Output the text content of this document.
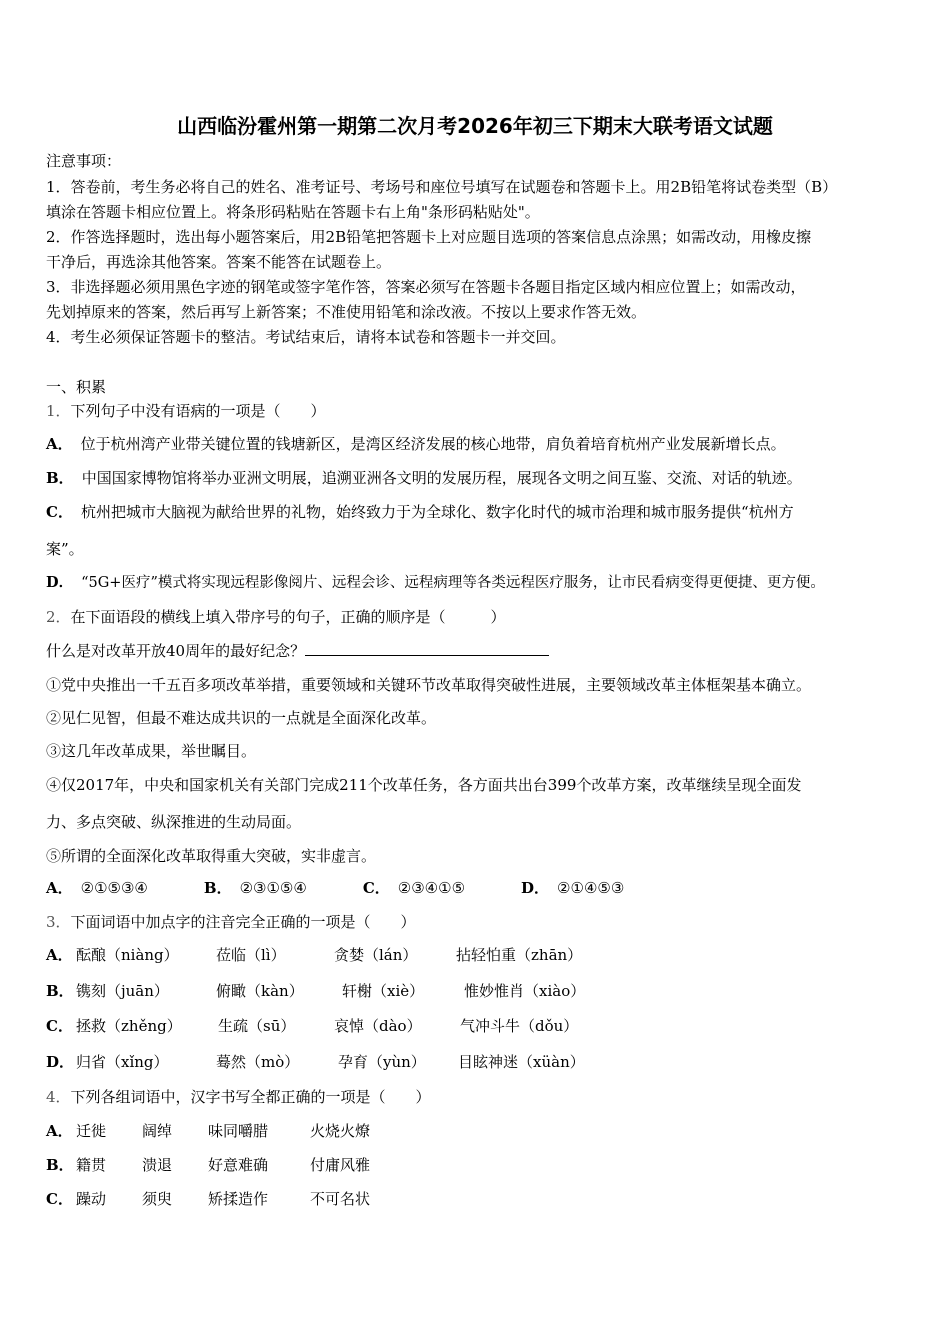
山西临汾霍州第一期第二次月考2026年初三下期末大联考语文试题
注意事项：
1．答卷前，考生务必将自己的姓名、准考证号、考场号和座位号填写在试题卷和答题卡上。用2B铅笔将试卷类型（B）
填涂在答题卡相应位置上。将条形码粘贴在答题卡右上角"条形码粘贴处"。
2．作答选择题时，选出每小题答案后，用2B铅笔把答题卡上对应题目选项的答案信息点涂黑；如需改动，用橡皮擦
干净后，再选涂其他答案。答案不能答在试题卷上。
3．非选择题必须用黑色字迹的钢笔或签字笔作答，答案必须写在答题卡各题目指定区域内相应位置上；如需改动，
先划掉原来的答案，然后再写上新答案；不准使用铅笔和涂改液。不按以上要求作答无效。
4．考生必须保证答题卡的整洁。考试结束后，请将本试卷和答题卡一并交回。
一、积累
1．下列句子中没有语病的一项是（　　）
A． 位于杭州湾产业带关键位置的钱塘新区，是湾区经济发展的核心地带，肩负着培育杭州产业发展新增长点。
B． 中国国家博物馆将举办亚洲文明展，追溯亚洲各文明的发展历程，展现各文明之间互鉴、交流、对话的轨迹。
C． 杭州把城市大脑视为献给世界的礼物，始终致力于为全球化、数字化时代的城市治理和城市服务提供“杭州方
案”。
D． “5G+医疗”模式将实现远程影像阅片、远程会诊、远程病理等各类远程医疗服务，让市民看病变得更便捷、更方便。
2．在下面语段的横线上填入带序号的句子，正确的顺序是（　　　）
什么是对改革开放40周年的最好纪念？
①党中央推出一千五百多项改革举措，重要领域和关键环节改革取得突破性进展，主要领域改革主体框架基本确立。
②见仁见智，但最不难达成共识的一点就是全面深化改革。
③这几年改革成果，举世瞩目。
④仅2017年，中央和国家机关有关部门完成211个改革任务，各方面共出台399个改革方案，改革继续呈现全面发
力、多点突破、纵深推进的生动局面。
⑤所谓的全面深化改革取得重大突破，实非虚言。
A． ②①⑤③④	B． ②③①⑤④	C． ②③④①⑤	D． ②①④⑤③
3．下面词语中加点字的注音完全正确的一项是（　　）
A． 酝酿（niàng） 莅临（lì）	贪婪（lán）	拈轻怕重（zhān）
B． 镌刻（juān）	俯瞰（kàn）	轩榭（xiè）	惟妙惟肖（xiào）
C． 拯救（zhěng） 生疏（sū）	哀悼（dào）	气冲斗牛（dǒu）
D． 归省（xǐng）	蓦然（mò）	孕育（yùn） 目眩神迷（xüàn）
4．下列各组词语中，汉字书写全都正确的一项是（　　）
A． 迁徙 阔绰 味同嚼腊	火烧火燎
B． 籍贯 溃退 好意难确	付庸风雅
C． 躁动 须臾 矫揉造作	不可名状
